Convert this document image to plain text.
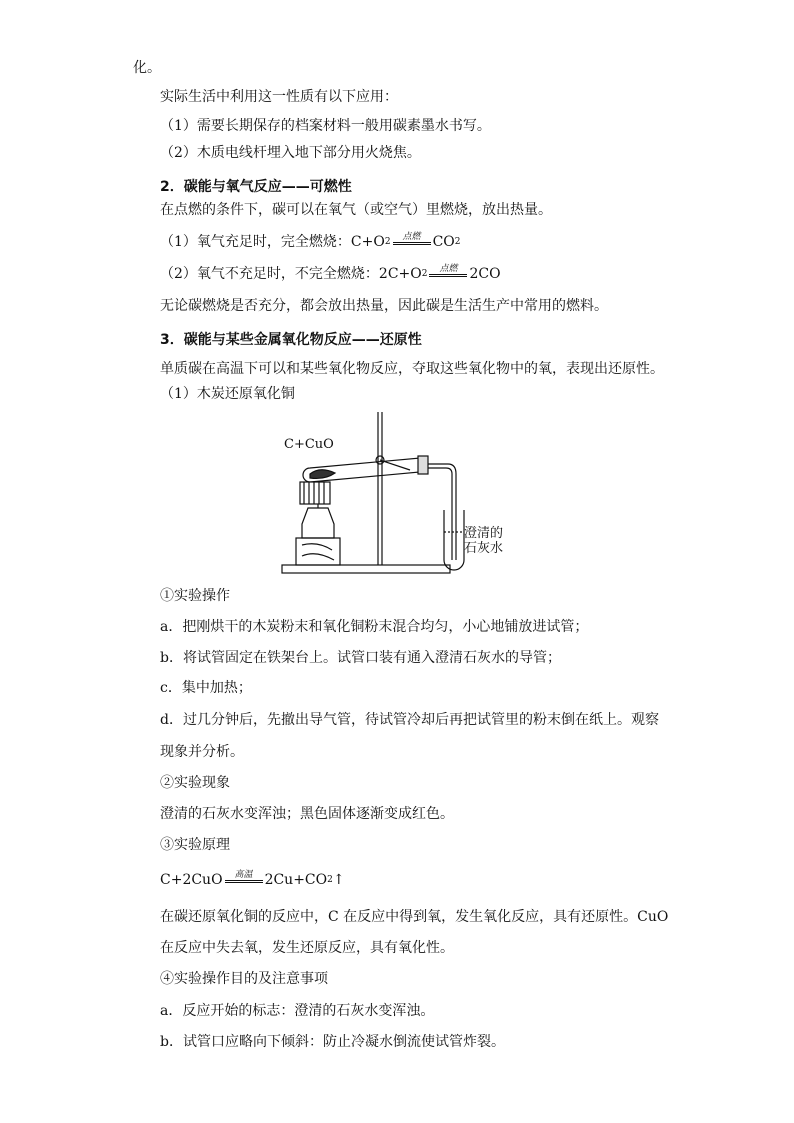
化。
实际生活中利用这一性质有以下应用：
（1）需要长期保存的档案材料一般用碳素墨水书写。
（2）木质电线杆埋入地下部分用火烧焦。
2．碳能与氧气反应——可燃性
在点燃的条件下，碳可以在氧气（或空气）里燃烧，放出热量。
（1）氧气充足时，完全燃烧：C+O 2
点燃 CO 2
（2）氧气不充足时，不完全燃烧：2C+O 2
点燃 2CO
无论碳燃烧是否充分，都会放出热量，因此碳是生活生产中常用的燃料。
3．碳能与某些金属氧化物反应——还原性
单质碳在高温下可以和某些氧化物反应，夺取这些氧化物中的氧，表现出还原性。
（1）木炭还原氧化铜
C+CuO
澄清的
石灰水
①实验操作
a．把刚烘干的木炭粉末和氧化铜粉末混合均匀，小心地铺放进试管；
b．将试管固定在铁架台上。试管口装有通入澄清石灰水的导管；
c．集中加热；
d．过几分钟后，先撤出导气管，待试管冷却后再把试管里的粉末倒在纸上。观察
现象并分析。
②实验现象
澄清的石灰水变浑浊；黑色固体逐渐变成红色。
③实验原理
C+2CuO 高温 2Cu+CO 2 ↑
在碳还原氧化铜的反应中，C 在反应中得到氧，发生氧化反应，具有还原性。CuO
在反应中失去氧，发生还原反应，具有氧化性。
④实验操作目的及注意事项
a．反应开始的标志：澄清的石灰水变浑浊。
b．试管口应略向下倾斜：防止冷凝水倒流使试管炸裂。
